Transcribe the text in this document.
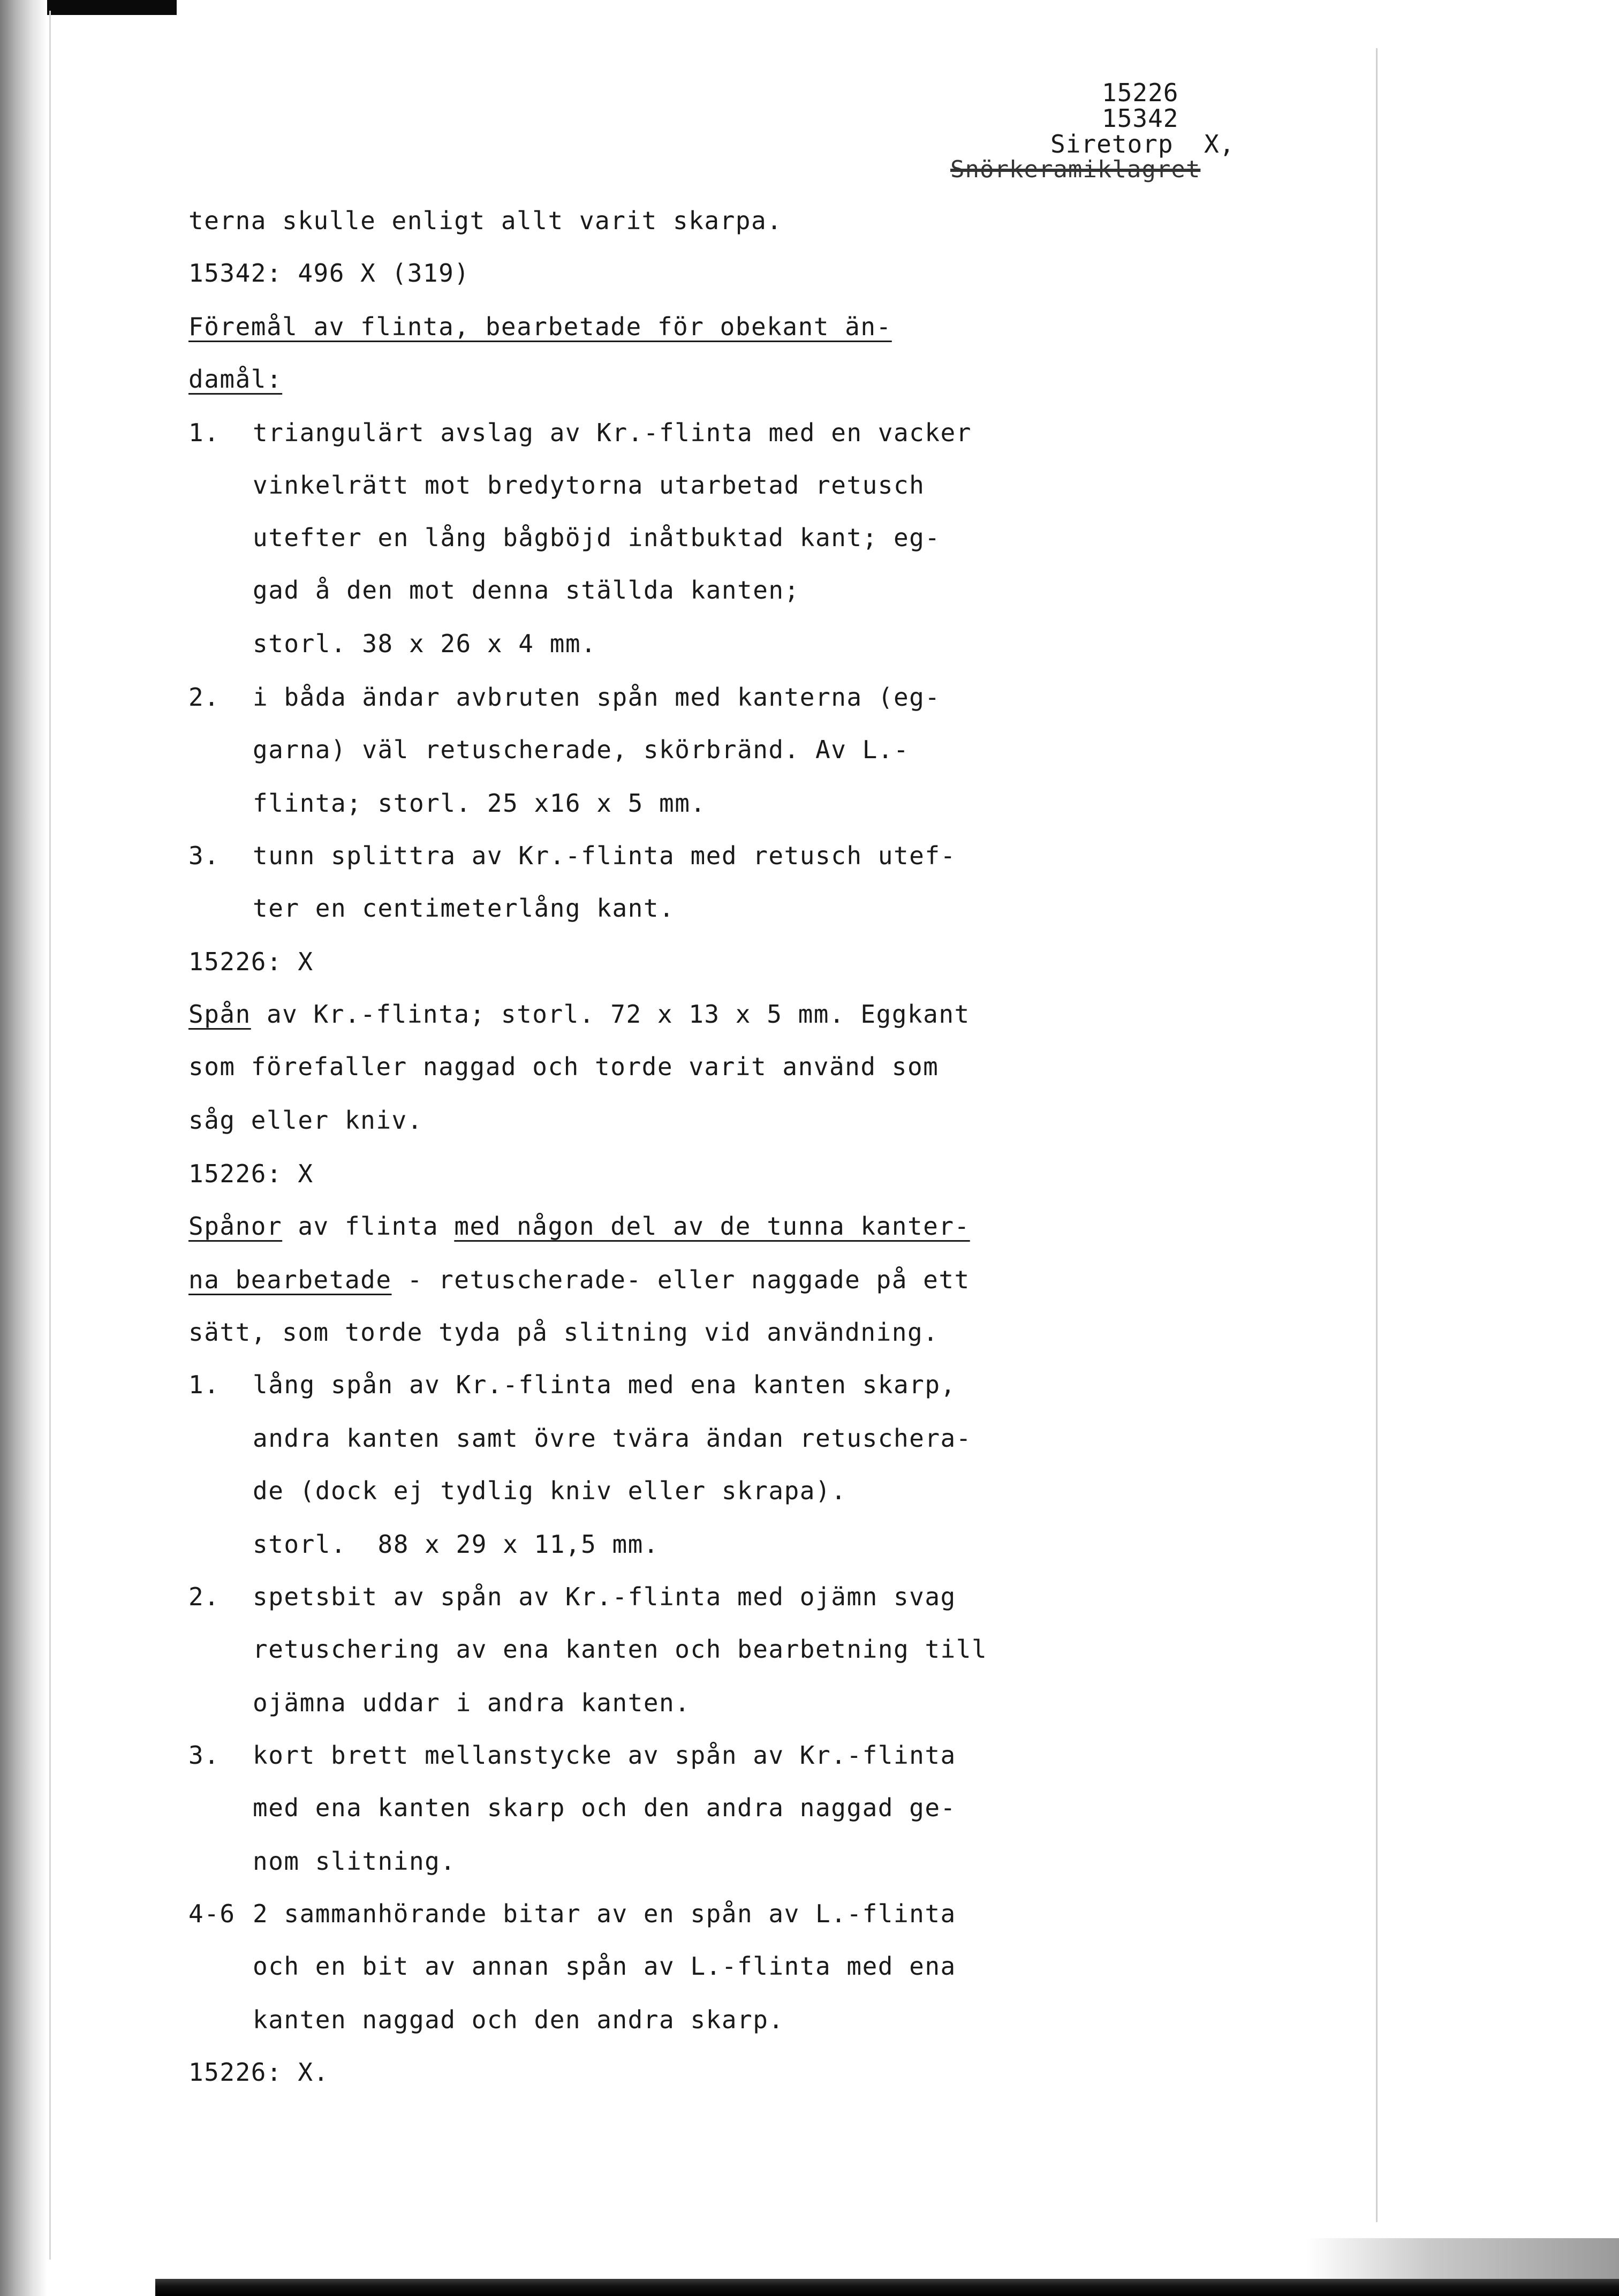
15226
15342
Siretorp  X,
Snörkeramiklagret
terna skulle enligt allt varit skarpa.
15342: 496 X (319)
Föremål av flinta, bearbetade för obekant än-
damål:
1. triangulärt avslag av Kr.-flinta med en vacker
vinkelrätt mot bredytorna utarbetad retusch
utefter en lång bågböjd inåtbuktad kant; eg-
gad å den mot denna ställda kanten;
storl. 38 x 26 x 4 mm.
2. i båda ändar avbruten spån med kanterna (eg-
garna) väl retuscherade, skörbränd. Av L.-
flinta; storl. 25 x16 x 5 mm.
3. tunn splittra av Kr.-flinta med retusch utef-
ter en centimeterlång kant.
15226: X
Spån av Kr.-flinta; storl. 72 x 13 x 5 mm. Eggkant
som förefaller naggad och torde varit använd som
såg eller kniv.
15226: X
Spånor av flinta med någon del av de tunna kanter-
na bearbetade - retuscherade- eller naggade på ett
sätt, som torde tyda på slitning vid användning.
1. lång spån av Kr.-flinta med ena kanten skarp,
andra kanten samt övre tvära ändan retuschera-
de (dock ej tydlig kniv eller skrapa).
storl.  88 x 29 x 11,5 mm.
2. spetsbit av spån av Kr.-flinta med ojämn svag
retuschering av ena kanten och bearbetning till
ojämna uddar i andra kanten.
3. kort brett mellanstycke av spån av Kr.-flinta
med ena kanten skarp och den andra naggad ge-
nom slitning.
4-6 2 sammanhörande bitar av en spån av L.-flinta
och en bit av annan spån av L.-flinta med ena
kanten naggad och den andra skarp.
15226: X.
